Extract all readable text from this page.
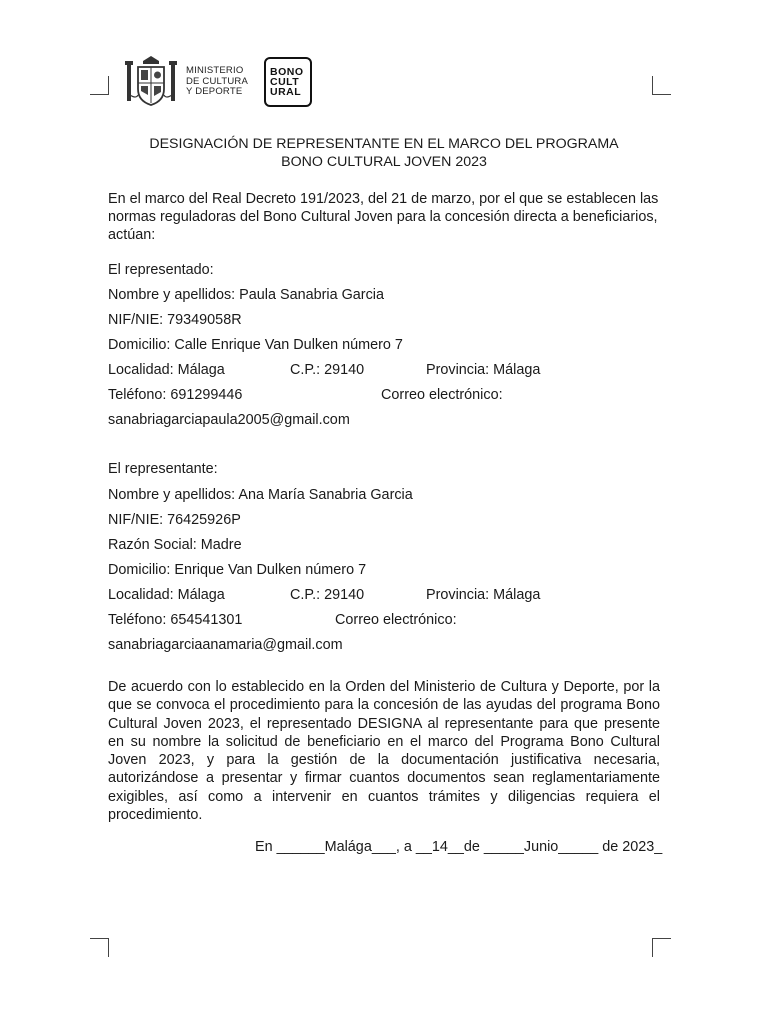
MINISTERIO
DE CULTURA
Y DEPORTE
BONO
CULT
URAL
DESIGNACIÓN DE REPRESENTANTE EN EL MARCO DEL PROGRAMA
BONO CULTURAL JOVEN 2023
En el marco del Real Decreto 191/2023, del 21 de marzo, por el que se establecen las normas reguladoras del Bono Cultural Joven para la concesión directa a beneficiarios, actúan:
El representado:
Nombre y apellidos: Paula Sanabria Garcia
NIF/NIE: 79349058R
Domicilio: Calle Enrique Van Dulken número 7
Localidad: Málaga	C.P.: 29140	Provincia: Málaga
Teléfono: 691299446	Correo electrónico:
sanabriagarciapaula2005@gmail.com
El representante:
Nombre y apellidos: Ana María Sanabria Garcia
NIF/NIE: 76425926P
Razón Social: Madre
Domicilio: Enrique Van Dulken número 7
Localidad: Málaga	C.P.: 29140	Provincia: Málaga
Teléfono: 654541301	Correo electrónico:
sanabriagarciaanamaria@gmail.com
De acuerdo con lo establecido en la Orden del Ministerio de Cultura y Deporte, por la que se convoca el procedimiento para la concesión de las ayudas del programa Bono Cultural Joven 2023, el representado DESIGNA al representante para que presente en su nombre la solicitud de beneficiario en el marco del Programa Bono Cultural Joven 2023, y para la gestión de la documentación justificativa necesaria, autorizándose a presentar y firmar cuantos documentos sean reglamentariamente exigibles, así como a intervenir en cuantos trámites y diligencias requiera el procedimiento.
En ______Malága___, a __14__de _____Junio_____ de 2023_
